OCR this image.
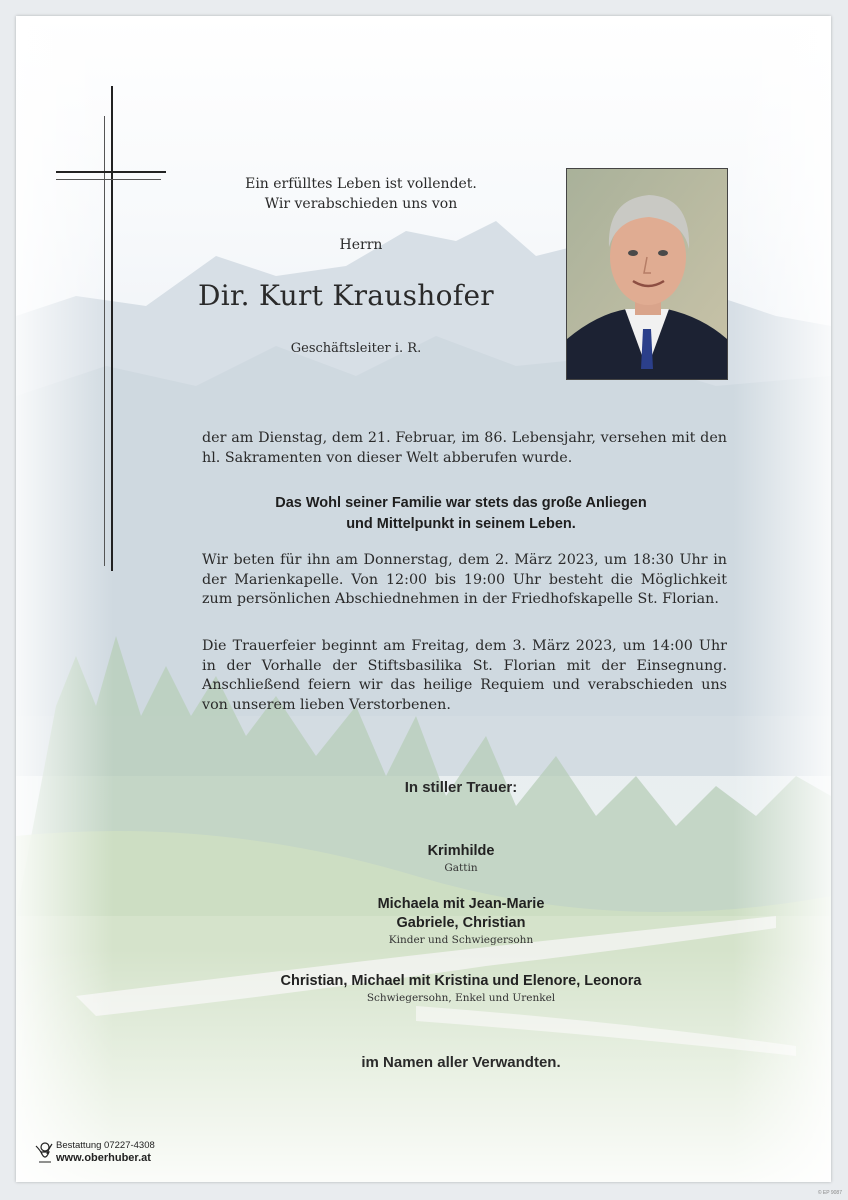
Ein erfülltes Leben ist vollendet.
Wir verabschieden uns von
Herrn
Dir. Kurt Kraushofer
Geschäftsleiter i. R.
der am Dienstag, dem 21. Februar, im 86. Lebensjahr, versehen mit den hl. Sakramenten von dieser Welt abberufen wurde.
Das Wohl seiner Familie war stets das große Anliegen
und Mittelpunkt in seinem Leben.
Wir beten für ihn am Donnerstag, dem 2. März 2023, um 18:30 Uhr in der Marienkapelle. Von 12:00 bis 19:00 Uhr besteht die Möglichkeit zum persönlichen Abschiednehmen in der Friedhofskapelle St. Florian.
Die Trauerfeier beginnt am Freitag, dem 3. März 2023, um 14:00 Uhr in der Vorhalle der Stiftsbasilika St. Florian mit der Einsegnung. Anschließend feiern wir das heilige Requiem und verabschieden uns von unserem lieben Verstorbenen.
In stiller Trauer:
Krimhilde
Gattin
Michaela mit Jean-Marie
Gabriele, Christian
Kinder und Schwiegersohn
Christian, Michael mit Kristina und Elenore, Leonora
Schwiegersohn, Enkel und Urenkel
im Namen aller Verwandten.
Bestattung 07227-4308
www.oberhuber.at
© EP 9087
